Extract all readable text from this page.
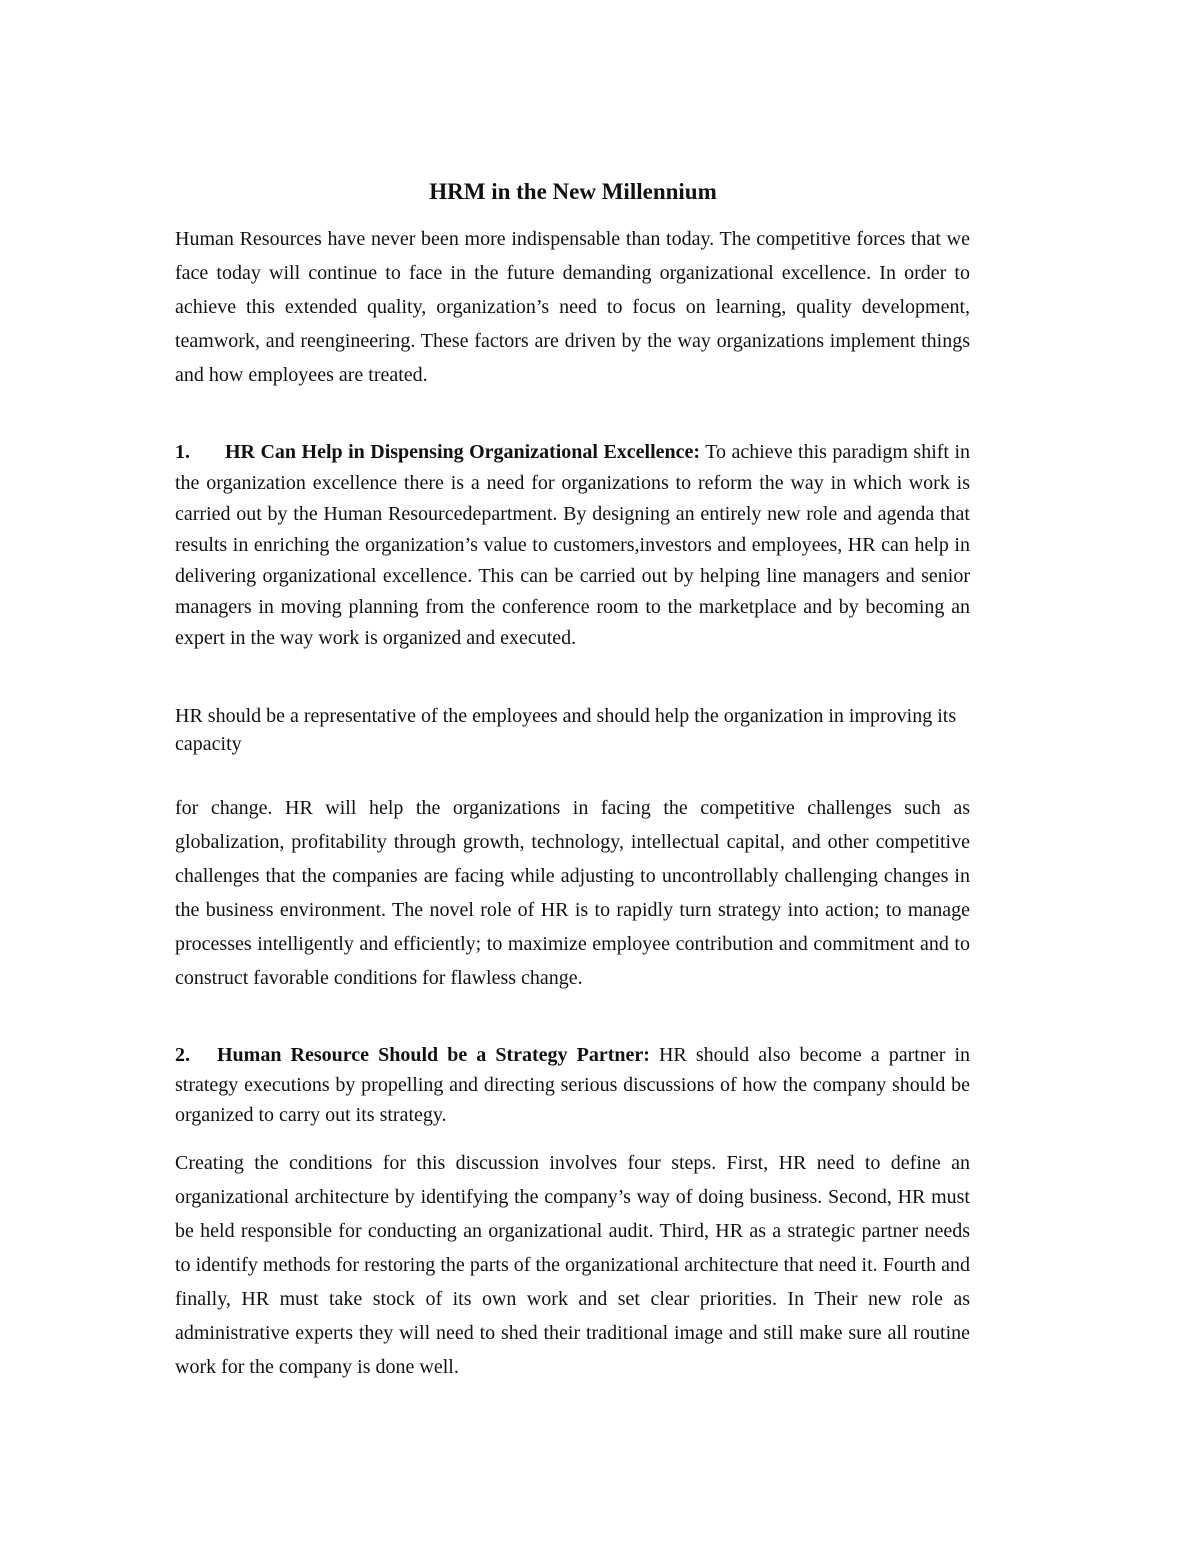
HRM in the New Millennium
Human Resources have never been more indispensable than today. The competitive forces that we face today will continue to face in the future demanding organizational excellence. In order to achieve this extended quality, organization’s need to focus on learning, quality development, teamwork, and reengineering. These factors are driven by the way organizations implement things and how employees are treated.
1. HR Can Help in Dispensing Organizational Excellence: To achieve this paradigm shift in the organization excellence there is a need for organizations to reform the way in which work is carried out by the Human Resourcedepartment. By designing an entirely new role and agenda that results in enriching the organization’s value to customers,investors and employees, HR can help in delivering organizational excellence. This can be carried out by helping line managers and senior managers in moving planning from the conference room to the marketplace and by becoming an expert in the way work is organized and executed.
HR should be a representative of the employees and should help the organization in improving its capacity
for change. HR will help the organizations in facing the competitive challenges such as globalization, profitability through growth, technology, intellectual capital, and other competitive challenges that the companies are facing while adjusting to uncontrollably challenging changes in the business environment. The novel role of HR is to rapidly turn strategy into action; to manage processes intelligently and efficiently; to maximize employee contribution and commitment and to construct favorable conditions for flawless change.
2. Human Resource Should be a Strategy Partner: HR should also become a partner in strategy executions by propelling and directing serious discussions of how the company should be organized to carry out its strategy.
Creating the conditions for this discussion involves four steps. First, HR need to define an organizational architecture by identifying the company’s way of doing business. Second, HR must be held responsible for conducting an organizational audit. Third, HR as a strategic partner needs to identify methods for restoring the parts of the organizational architecture that need it. Fourth and finally, HR must take stock of its own work and set clear priorities. In Their new role as administrative experts they will need to shed their traditional image and still make sure all routine work for the company is done well.
